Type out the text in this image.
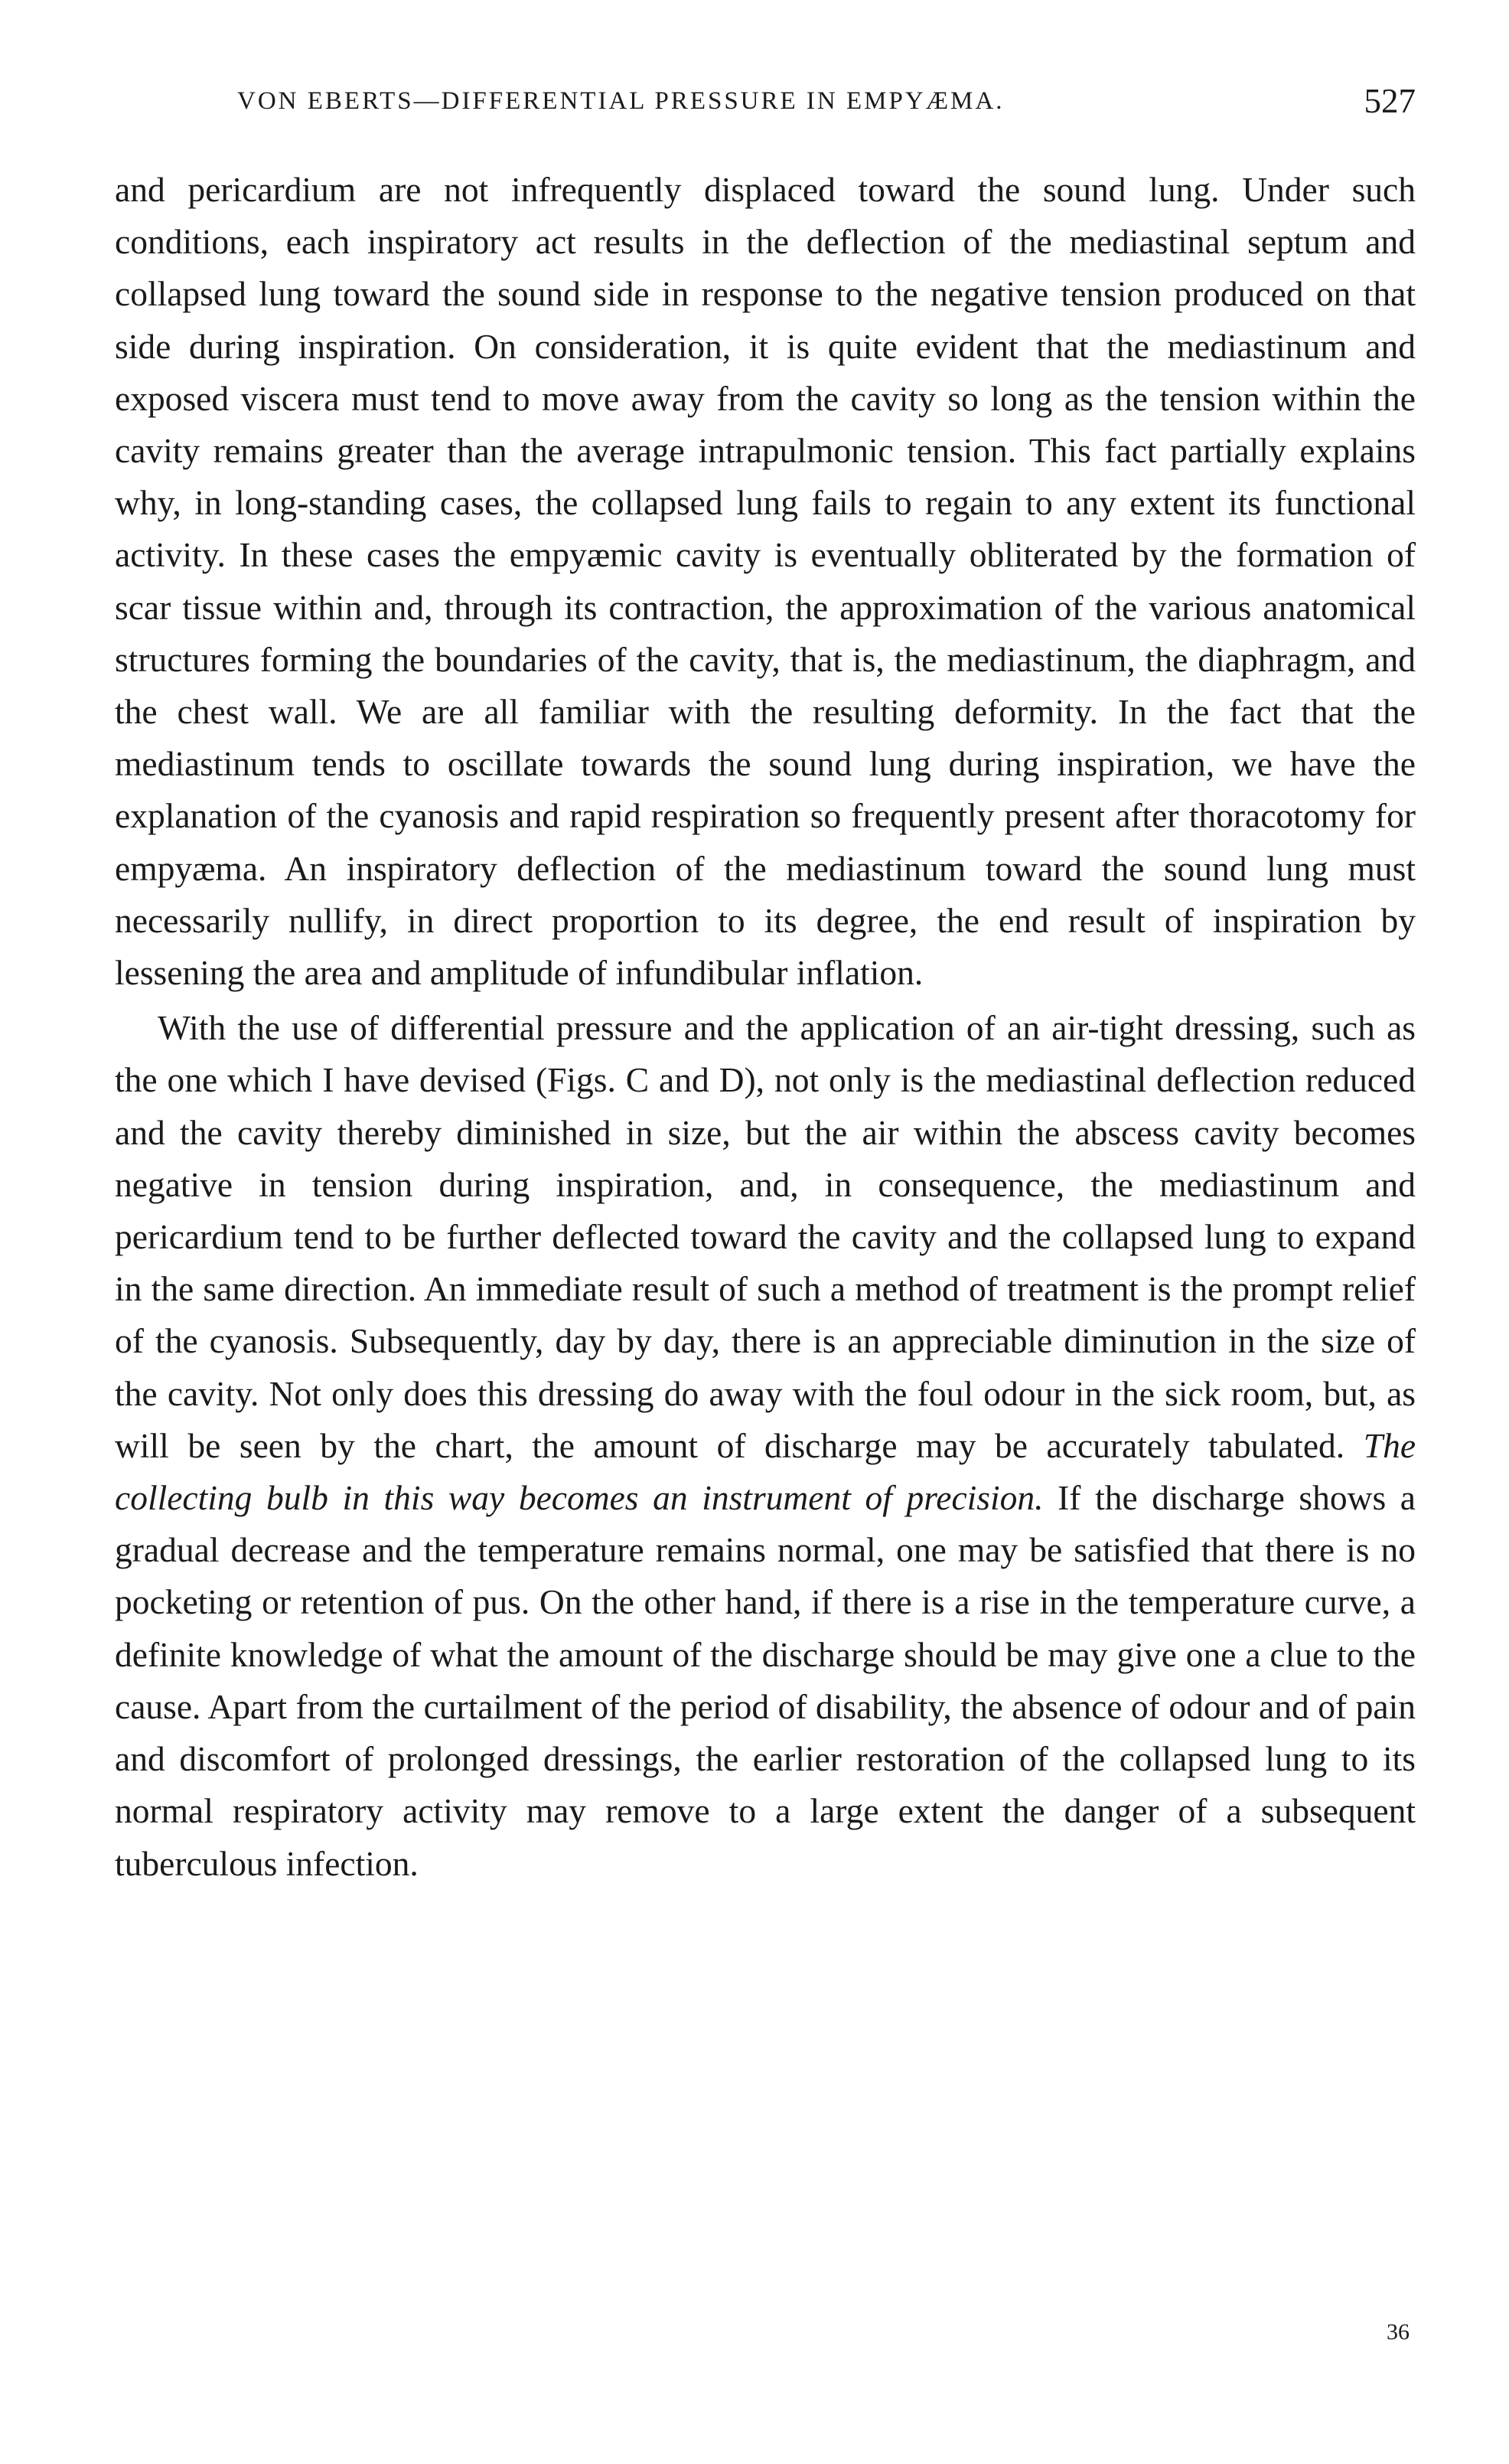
VON EBERTS—DIFFERENTIAL PRESSURE IN EMPYÆMA.	527

and pericardium are not infrequently displaced toward the sound lung. Under such conditions, each inspiratory act results in the deflection of the mediastinal septum and collapsed lung toward the sound side in response to the negative tension produced on that side during inspiration. On consideration, it is quite evident that the mediastinum and exposed viscera must tend to move away from the cavity so long as the tension within the cavity remains greater than the average intrapulmonic tension. This fact partially explains why, in long-standing cases, the collapsed lung fails to regain to any extent its functional activity. In these cases the empyæmic cavity is eventually obliterated by the formation of scar tissue within and, through its contraction, the approximation of the various anatomical structures forming the boundaries of the cavity, that is, the mediastinum, the diaphragm, and the chest wall. We are all familiar with the resulting deformity. In the fact that the mediastinum tends to oscillate towards the sound lung during inspiration, we have the explanation of the cyanosis and rapid respiration so frequently present after thoracotomy for empyæma. An inspiratory deflection of the mediastinum toward the sound lung must necessarily nullify, in direct proportion to its degree, the end result of inspiration by lessening the area and amplitude of infundibular inflation.

With the use of differential pressure and the application of an air-tight dressing, such as the one which I have devised (Figs. C and D), not only is the mediastinal deflection reduced and the cavity thereby diminished in size, but the air within the abscess cavity becomes negative in tension during inspiration, and, in consequence, the mediastinum and pericardium tend to be further deflected toward the cavity and the collapsed lung to expand in the same direction. An immediate result of such a method of treatment is the prompt relief of the cyanosis. Subsequently, day by day, there is an appreciable diminution in the size of the cavity. Not only does this dressing do away with the foul odour in the sick room, but, as will be seen by the chart, the amount of discharge may be accurately tabulated. The collecting bulb in this way becomes an instrument of precision. If the discharge shows a gradual decrease and the temperature remains normal, one may be satisfied that there is no pocketing or retention of pus. On the other hand, if there is a rise in the temperature curve, a definite knowledge of what the amount of the discharge should be may give one a clue to the cause. Apart from the curtailment of the period of disability, the absence of odour and of pain and discomfort of prolonged dressings, the earlier restoration of the collapsed lung to its normal respiratory activity may remove to a large extent the danger of a subsequent tuberculous infection.

36
